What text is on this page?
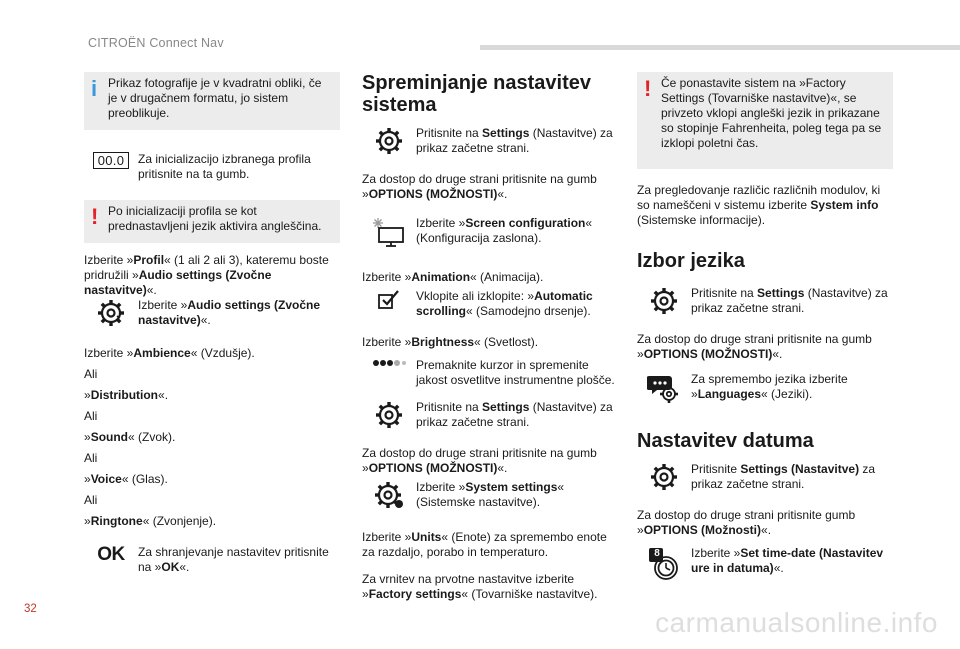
CITROËN Connect Nav
i Prikaz fotografije je v kvadratni obliki, če je v drugačnem formatu, jo sistem preoblikuje.

00.0	Za inicializacijo izbranega profila pritisnite na ta gumb.
! Po inicializaciji profila se kot prednastavljeni jezik aktivira angleščina.

Izberite »Profil« (1 ali 2 ali 3), kateremu boste pridružili »Audio settings (Zvočne nastavitve)«.

Izberite »Audio settings (Zvočne nastavitve)«.

Izberite »Ambience« (Vzdušje).

Ali

»Distribution«.

Ali

»Sound« (Zvok).

Ali

»Voice« (Glas).

Ali

»Ringtone« (Zvonjenje).

OK Za shranjevanje nastavitev pritisnite na »OK«.

Spreminjanje nastavitev sistema

Pritisnite na Settings (Nastavitve) za prikaz začetne strani.

Za dostop do druge strani pritisnite na gumb »OPTIONS (MOŽNOSTI)«.

Izberite »Screen configuration« (Konfiguracija zaslona).

Izberite »Animation« (Animacija).

Vklopite ali izklopite: »Automatic scrolling« (Samodejno drsenje).

Izberite »Brightness« (Svetlost).

Premaknite kurzor in spremenite jakost osvetlitve instrumentne plošče.
Pritisnite na Settings (Nastavitve) za prikaz začetne strani.

Za dostop do druge strani pritisnite na gumb »OPTIONS (MOŽNOSTI)«.

Izberite »System settings« (Sistemske nastavitve).

Izberite »Units« (Enote) za spremembo enote za razdaljo, porabo in temperaturo.

Za vrnitev na prvotne nastavitve izberite »Factory settings« (Tovarniške nastavitve).

! Če ponastavite sistem na »Factory Settings (Tovarniške nastavitve)«, se privzeto vklopi angleški jezik in prikazane so stopinje Fahrenheita, poleg tega pa se izklopi poletni čas.

Za pregledovanje različic različnih modulov, ki so nameščeni v sistemu izberite System info (Sistemske informacije).

Izbor jezika

Pritisnite na Settings (Nastavitve) za prikaz začetne strani.

Za dostop do druge strani pritisnite na gumb »OPTIONS (MOŽNOSTI)«.

Za spremembo jezika izberite »Languages« (Jeziki).

Nastavitev datuma

Pritisnite Settings (Nastavitve) za prikaz začetne strani.

Za dostop do druge strani pritisnite gumb »OPTIONS (Možnosti)«.

8	Izberite »Set time-date (Nastavitev ure in datuma)«.
32	carmanualsonline.info
